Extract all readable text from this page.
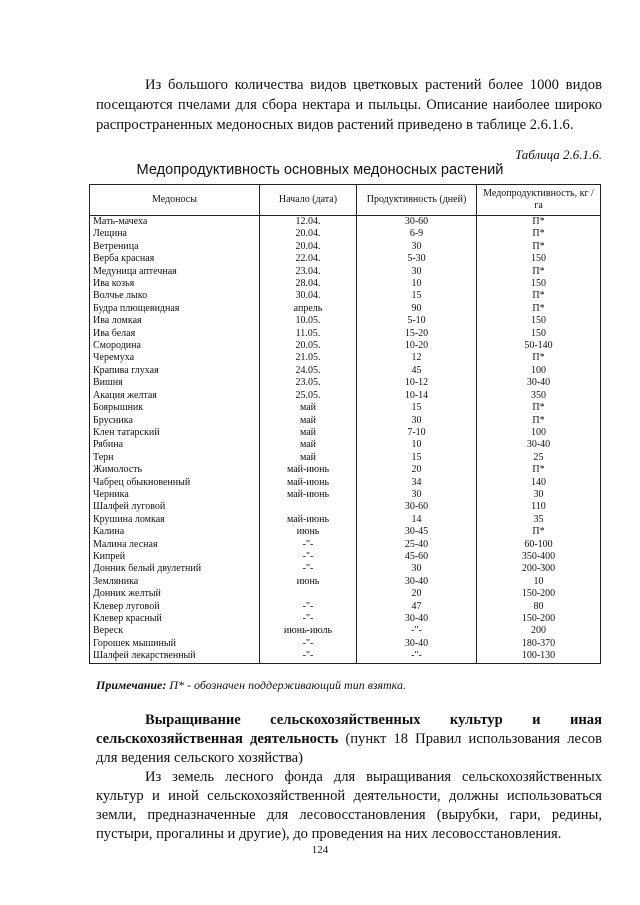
Из большого количества видов цветковых растений более 1000 видов посещаются пчелами для сбора нектара и пыльцы. Описание наиболее широко распространенных медоносных видов растений приведено в таблице 2.6.1.6.

Таблица 2.6.1.6.
Медопродуктивность основных медоносных растений
Медоносы	Начало (дата)	Продуктивность (дней)	Медопродуктивность, кг / га
Мать-мачеха	12.04.	30-60	П*
Лещина	20.04.	6-9	П*
Ветреница	20.04.	30	П*
Верба красная	22.04.	5-30	150
Медуница аптечная	23.04.	30	П*
Ива козья	28.04.	10	150
Волчье лыко	30.04.	15	П*
Будра плющевидная	апрель	90	П*
Ива ломкая	10.05.	5-10	150
Ива белая	11.05.	15-20	150
Смородина	20.05.	10-20	50-140
Черемуха	21.05.	12	П*
Крапива глухая	24.05.	45	100
Вишня	23.05.	10-12	30-40
Акация желтая	25.05.	10-14	350
Боярышник	май	15	П*
Брусника	май	30	П*
Клен татарский	май	7-10	100
Рябина	май	10	30-40
Терн	май	15	25
Жимолость	май-июнь	20	П*
Чабрец обыкновенный	май-июнь	34	140
Черника	май-июнь	30	30
Шалфей луговой		30-60	110
Крушина ломкая	май-июнь	14	35
Калина	июнь	30-45	П*
Малина лесная	-"-	25-40	60-100
Кипрей	-"-	45-60	350-400
Донник белый двулетний	-"-	30	200-300
Земляника	июнь	30-40	10
Донник желтый		20	150-200
Клевер луговой	-"-	47	80
Клевер красный	-"-	30-40	150-200
Вереск	июнь-июль	-"-	200
Горошек мышиный	-"-	30-40	180-370
Шалфей лекарственный	-"-	-"-	100-130

Примечание: П* - обозначен поддерживающий тип взятка.

Выращивание сельскохозяйственных культур и иная сельскохозяйственная деятельность (пункт 18 Правил использования лесов для ведения сельского хозяйства)

Из земель лесного фонда для выращивания сельскохозяйственных культур и иной сельскохозяйственной деятельности, должны использоваться земли, предназначенные для лесовосстановления (вырубки, гари, редины, пустыри, прогалины и другие), до проведения на них лесовосстановления.

124
